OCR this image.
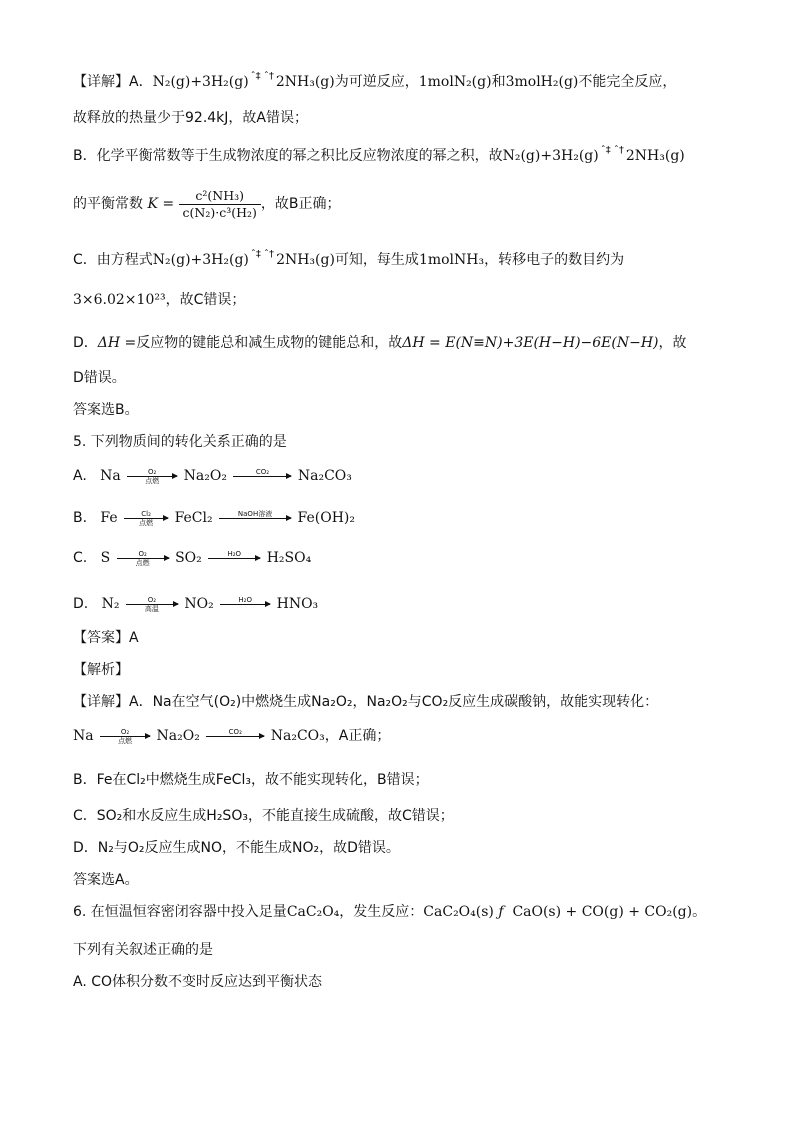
【详解】A．N₂(g)+3H₂(g) ˆ‡ ˆ† 2NH₃(g)为可逆反应，1molN₂(g)和3molH₂(g)不能完全反应，
故释放的热量少于92.4kJ，故A错误；
B．化学平衡常数等于生成物浓度的幂之积比反应物浓度的幂之积，故N₂(g)+3H₂(g) ˆ‡ ˆ† 2NH₃(g)
的平衡常数 $K = \frac{\text{c²(NH₃)}}{\text{c(N₂)·c³(H₂)}}$ ，故B正确；
C．由方程式N₂(g)+3H₂(g) ˆ‡ ˆ† 2NH₃(g)可知，每生成1molNH₃，转移电子的数目约为
3×6.02×10²³，故C错误；
D．ΔH =反应物的键能总和减生成物的键能总和，故ΔH = E(N≡N)+3E(H−H)−6E(N−H)，故
D错误。
答案选B。
5. 下列物质间的转化关系正确的是
A. Na	O₂
点燃 Na₂O₂	CO₂ Na₂CO₃
B. Fe	Cl₂
点燃 FeCl₂	NaOH溶液 Fe(OH)₂
C. S	O₂
点燃 SO₂	H₂O H₂SO₄
D. N₂	O₂
高温 NO₂	H₂O HNO₃
【答案】A
【解析】
【详解】A．Na在空气(O₂)中燃烧生成Na₂O₂，Na₂O₂与CO₂反应生成碳酸钠，故能实现转化：
Na	O₂
点燃 Na₂O₂	CO₂ Na₂CO₃，A正确；
B．Fe在Cl₂中燃烧生成FeCl₃，故不能实现转化，B错误；
C．SO₂和水反应生成H₂SO₃，不能直接生成硫酸，故C错误；
D．N₂与O₂反应生成NO，不能生成NO₂，故D错误。
答案选A。
6. 在恒温恒容密闭容器中投入足量CaC₂O₄，发生反应：CaC₂O₄(s) ƒ CaO(s) + CO(g) + CO₂(g)。
下列有关叙述正确的是
A. CO体积分数不变时反应达到平衡状态
